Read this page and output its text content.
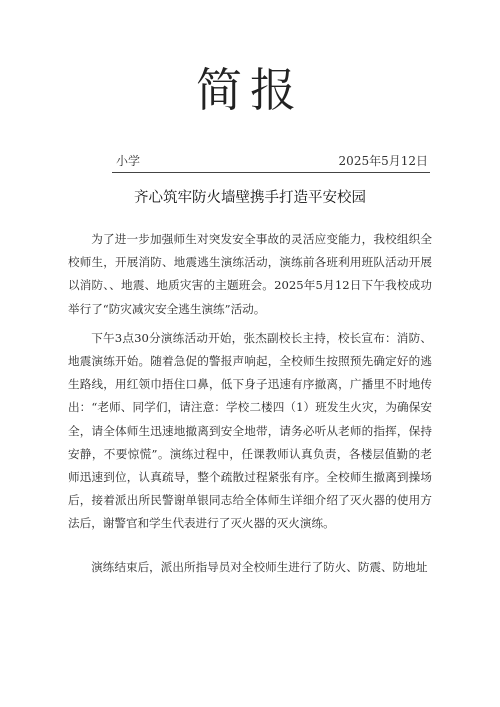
简报
小学	2025年5月12日
齐心筑牢防火墙壁携手打造平安校园

为了进一步加强师生对突发安全事故的灵活应变能力，我校组织全校师生，开展消防、地震逃生演练活动，演练前各班利用班队活动开展以消防、、地震、地质灾害的主题班会。2025年5月12日下午我校成功举行了“防灾减灾安全逃生演练”活动。

下午3点30分演练活动开始，张杰副校长主持，校长宣布：消防、地震演练开始。随着急促的警报声响起，全校师生按照预先确定好的逃生路线，用红领巾捂住口鼻，低下身子迅速有序撤离，广播里不时地传出：“老师、同学们，请注意：学校二楼四（1）班发生火灾，为确保安全，请全体师生迅速地撤离到安全地带，请务必听从老师的指挥，保持安静，不要惊慌”。演练过程中，任课教师认真负责，各楼层值勤的老师迅速到位，认真疏导，整个疏散过程紧张有序。全校师生撤离到操场后，接着派出所民警谢单银同志给全体师生详细介绍了灭火器的使用方法后，谢警官和学生代表进行了灭火器的灭火演练。

演练结束后，派出所指导员对全校师生进行了防火、防震、防地址
